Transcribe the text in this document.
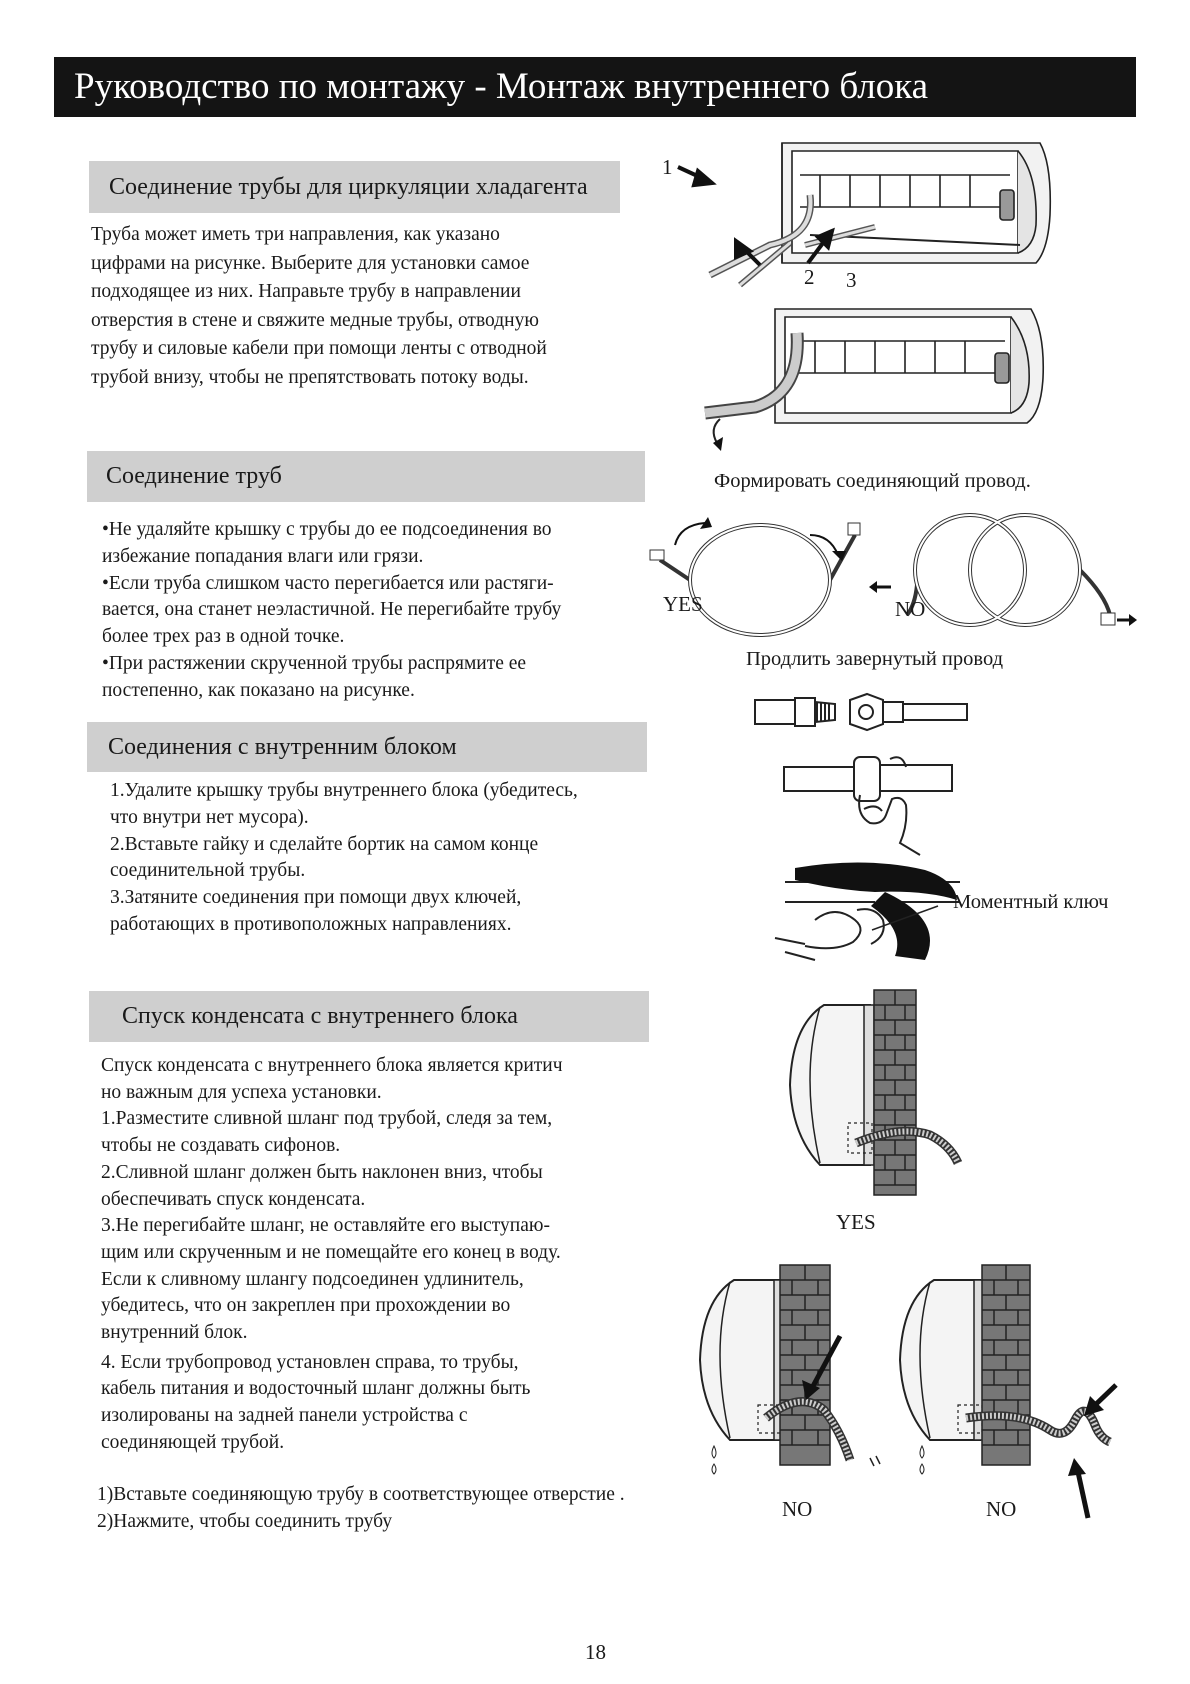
Руководство по монтажу - Монтаж внутреннего блока
Соединение трубы для циркуляции хладагента

Труба может иметь три направления, как указано

цифрами на рисунке. Выберите для установки самое

подходящее из них. Направьте трубу в направлении

отверстия в стене и свяжите медные трубы, отводную

трубу и силовые кабели при помощи ленты с отводной

трубой внизу, чтобы не препятствовать потоку воды.

Соединение труб

•Не удаляйте крышку с трубы до ее подсоединения во

избежание попадания влаги или грязи.

•Если труба слишком часто перегибается или растяги-

вается, она станет неэластичной. Не перегибайте трубу

более трех раз в одной точке.

•При растяжении скрученной трубы распрямите ее

постепенно, как показано на рисунке.

Соединения с внутренним блоком

1.Удалите крышку трубы внутреннего блока (убедитесь,

что внутри нет мусора).

2.Вставьте гайку и сделайте бортик на самом конце

соединительной трубы.

3.Затяните соединения при помощи двух ключей,

работающих в противоположных направлениях.

Спуск конденсата с внутреннего блока

Спуск конденсата с внутреннего блока является критич

но важным для успеха установки.

1.Разместите сливной шланг под трубой, следя за тем,

чтобы не создавать сифонов.

2.Сливной шланг должен быть наклонен вниз, чтобы

обеспечивать спуск конденсата.

3.Не перегибайте шланг, не оставляйте его выступаю-

щим или скрученным и не помещайте его конец в воду.

Если к сливному шлангу подсоединен удлинитель,

убедитесь, что он закреплен при прохождении во

внутренний блок.

4. Если трубопровод установлен справа, то трубы,

кабель питания и водосточный шланг должны быть

изолированы на задней панели устройства с

соединяющей трубой.

1)Вставьте соединяющую трубу в соответствующее отверстие .

2)Нажмите, чтобы соединить трубу

1
2 3
Формировать соединяющий провод.
YES	NO
Продлить завернутый провод
Моментный ключ
YES
NO	NO
18
